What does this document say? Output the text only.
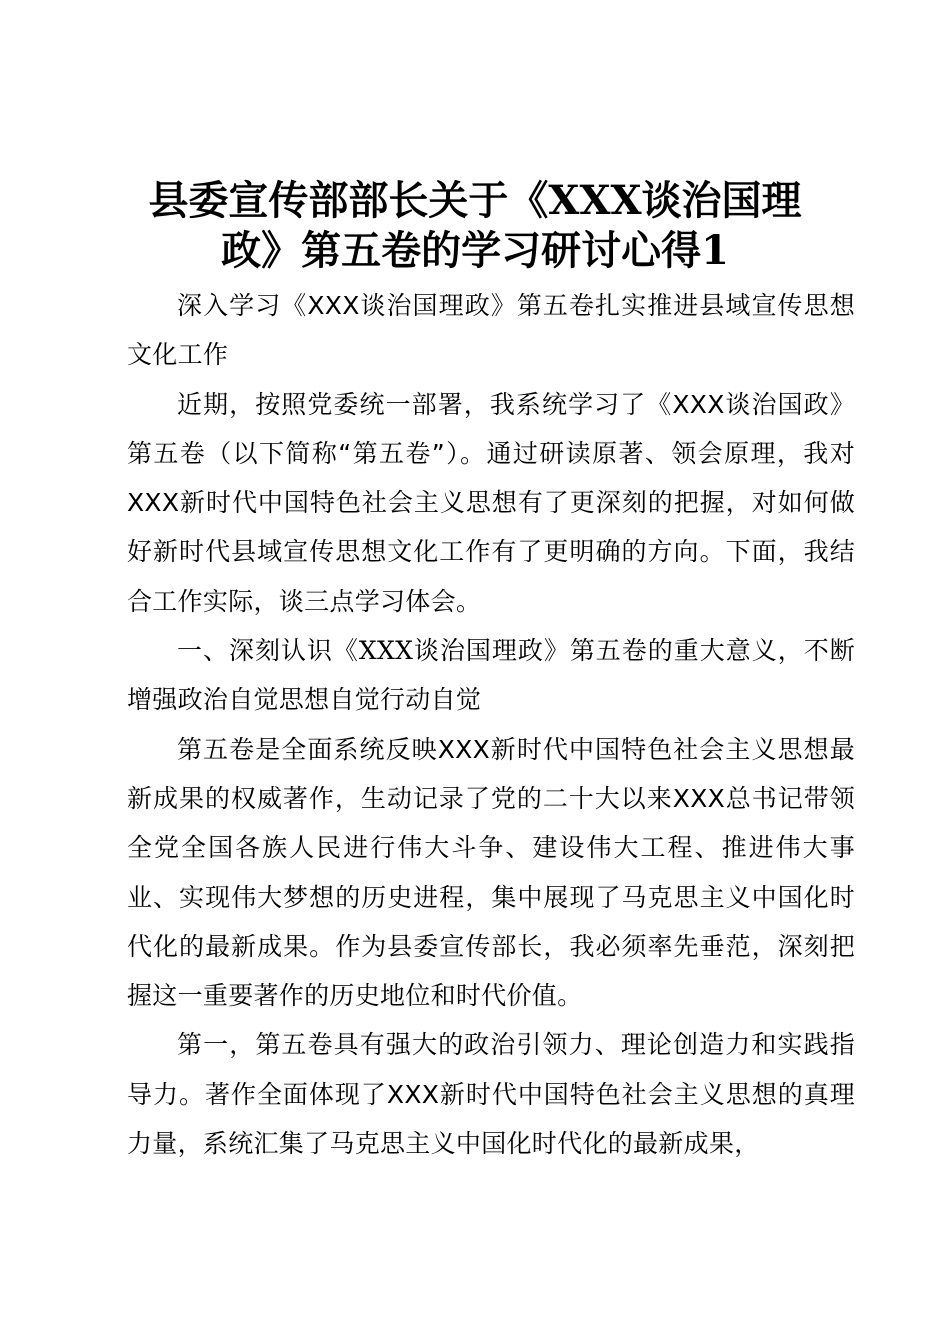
县委宣传部部长关于《XXX谈治国理
政》第五卷的学习研讨心得1

深入学习《XXX谈治国理政》第五卷扎实推进县域宣传思想文化工作

近期，按照党委统一部署，我系统学习了《XXX谈治国政》第五卷（以下简称“第五卷”）。通过研读原著、领会原理，我对XXX新时代中国特色社会主义思想有了更深刻的把握，对如何做好新时代县域宣传思想文化工作有了更明确的方向。下面，我结合工作实际，谈三点学习体会。

一、深刻认识《XXX谈治国理政》第五卷的重大意义，不断增强政治自觉思想自觉行动自觉

第五卷是全面系统反映XXX新时代中国特色社会主义思想最新成果的权威著作，生动记录了党的二十大以来XXX总书记带领全党全国各族人民进行伟大斗争、建设伟大工程、推进伟大事业、实现伟大梦想的历史进程，集中展现了马克思主义中国化时代化的最新成果。作为县委宣传部长，我必须率先垂范，深刻把握这一重要著作的历史地位和时代价值。

第一，第五卷具有强大的政治引领力、理论创造力和实践指导力。著作全面体现了XXX新时代中国特色社会主义思想的真理力量，系统汇集了马克思主义中国化时代化的最新成果，
